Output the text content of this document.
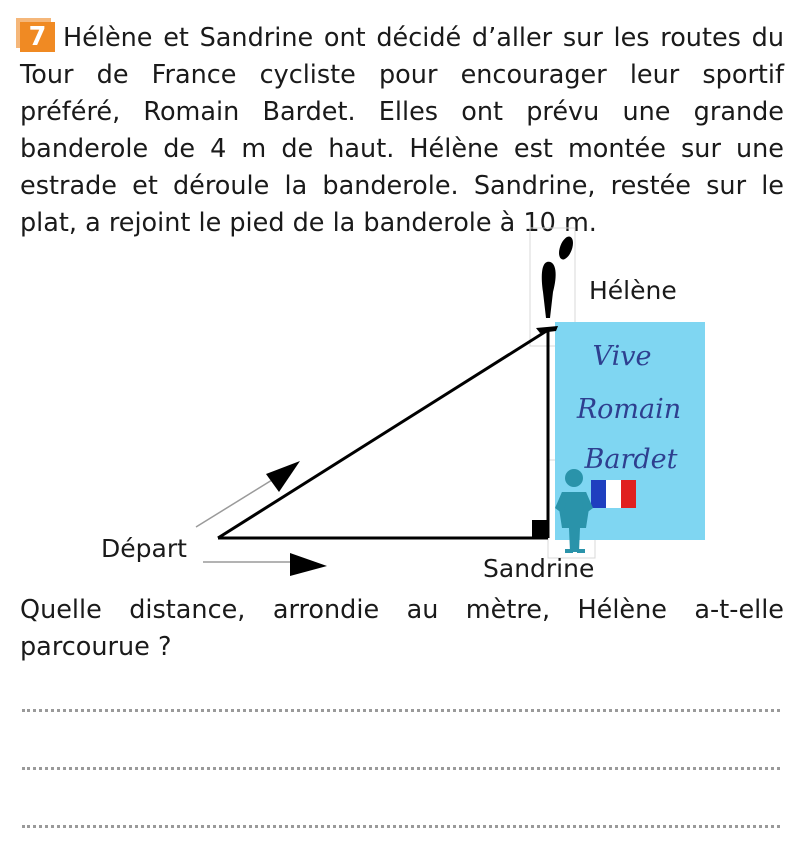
7 Hélène et Sandrine ont décidé d’aller sur les routes du Tour de France cycliste pour encourager leur sportif préféré, Romain Bardet. Elles ont prévu une grande banderole de 4 m de haut. Hélène est montée sur une estrade et déroule la banderole. Sandrine, restée sur le plat, a rejoint le pied de la banderole à 10 m.
Vive
Romain
Bardet
Hélène
Départ
Sandrine
Quelle distance, arrondie au mètre, Hélène a-t-elle parcourue ?
